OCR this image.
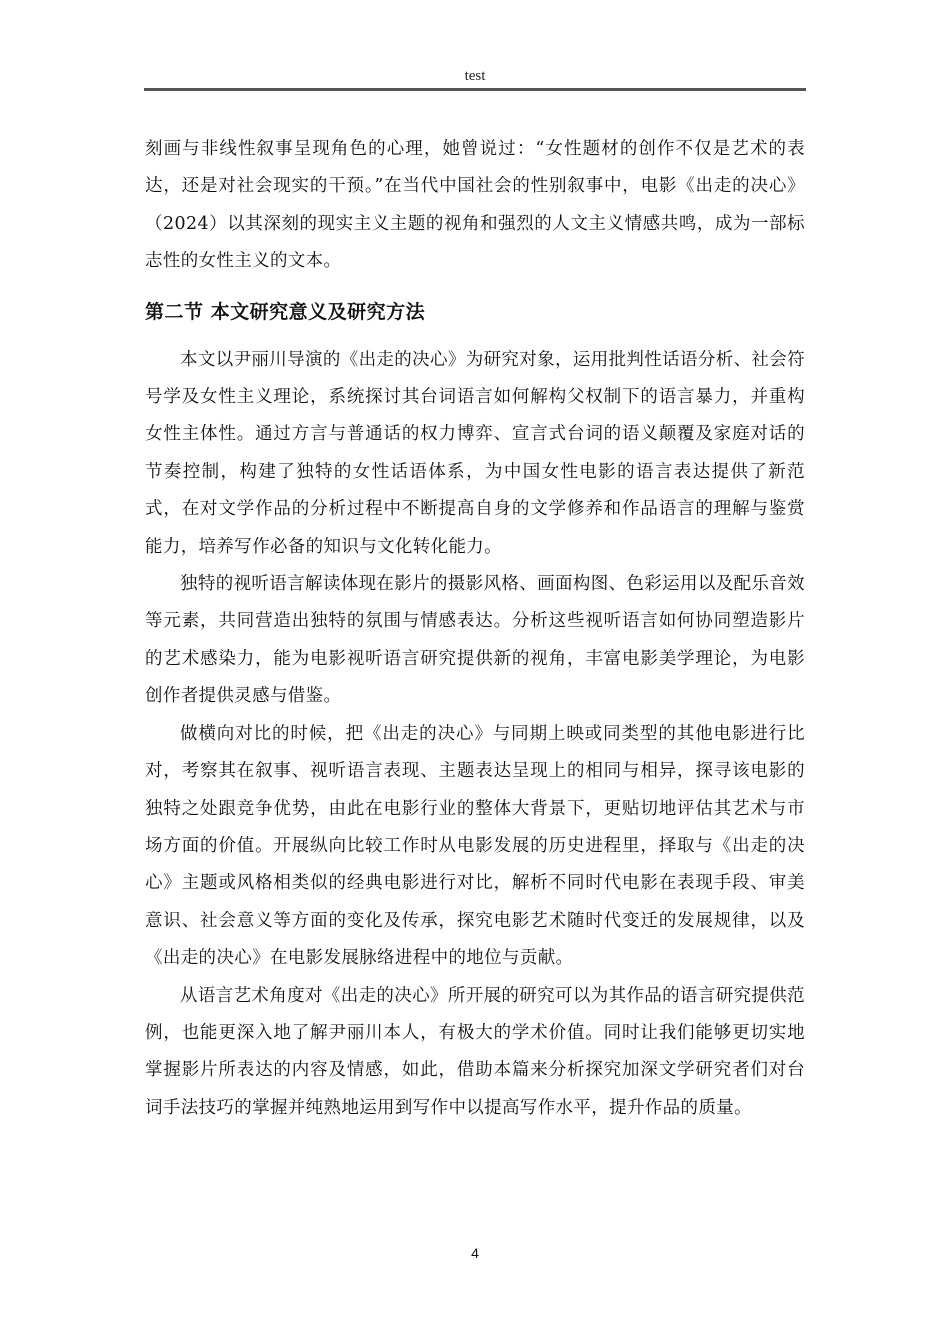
test

刻画与非线性叙事呈现角色的心理，她曾说过：“女性题材的创作不仅是艺术的表达，还是对社会现实的干预。”在当代中国社会的性别叙事中，电影《出走的决心》（2024）以其深刻的现实主义主题的视角和强烈的人文主义情感共鸣，成为一部标志性的女性主义的文本。

第二节 本文研究意义及研究方法

本文以尹丽川导演的《出走的决心》为研究对象，运用批判性话语分析、社会符号学及女性主义理论，系统探讨其台词语言如何解构父权制下的语言暴力，并重构女性主体性。通过方言与普通话的权力博弈、宣言式台词的语义颠覆及家庭对话的节奏控制，构建了独特的女性话语体系，为中国女性电影的语言表达提供了新范式，在对文学作品的分析过程中不断提高自身的文学修养和作品语言的理解与鉴赏能力，培养写作必备的知识与文化转化能力。

独特的视听语言解读体现在影片的摄影风格、画面构图、色彩运用以及配乐音效等元素，共同营造出独特的氛围与情感表达。分析这些视听语言如何协同塑造影片的艺术感染力，能为电影视听语言研究提供新的视角，丰富电影美学理论，为电影创作者提供灵感与借鉴。

做横向对比的时候，把《出走的决心》与同期上映或同类型的其他电影进行比对，考察其在叙事、视听语言表现、主题表达呈现上的相同与相异，探寻该电影的独特之处跟竞争优势，由此在电影行业的整体大背景下，更贴切地评估其艺术与市场方面的价值。开展纵向比较工作时从电影发展的历史进程里，择取与《出走的决心》主题或风格相类似的经典电影进行对比，解析不同时代电影在表现手段、审美意识、社会意义等方面的变化及传承，探究电影艺术随时代变迁的发展规律，以及《出走的决心》在电影发展脉络进程中的地位与贡献。

从语言艺术角度对《出走的决心》所开展的研究可以为其作品的语言研究提供范例，也能更深入地了解尹丽川本人，有极大的学术价值。同时让我们能够更切实地掌握影片所表达的内容及情感，如此，借助本篇来分析探究加深文学研究者们对台词手法技巧的掌握并纯熟地运用到写作中以提高写作水平，提升作品的质量。

4
